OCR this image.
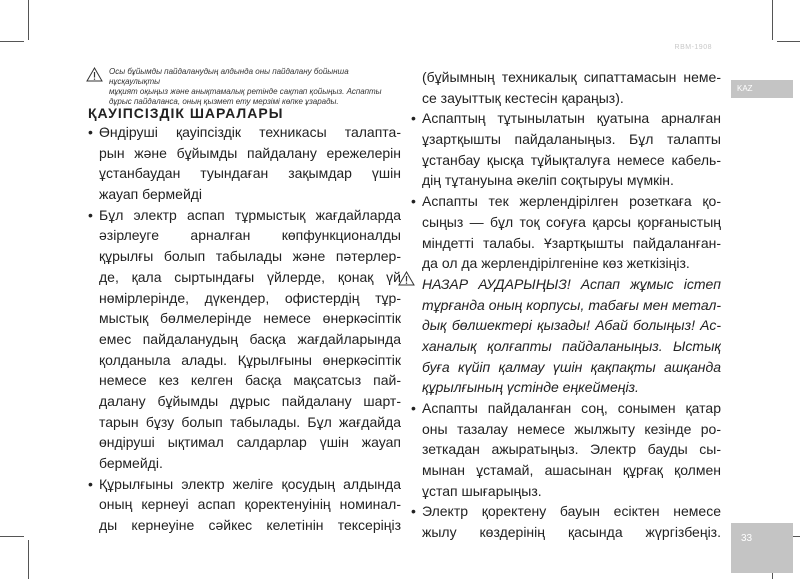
RBM-1908
KAZ
33
Осы бұйымды пайдаланудың алдында оны пайдалану бойынша нұсқаулықты
мұқият оқыңыз және анықтамалық ретінде сақтап қойыңыз. Аспапты
дұрыс пайдаланса, оның қызмет ету мерзімі көпке ұзарады.
ҚАУІПСІЗДІК ШАРАЛАРЫ
• Өндіруші қауіпсіздік техникасы талапта-
рын және бұйымды пайдалану ережелерін
ұстанбаудан туындаған зақымдар үшін
жауап бермейді
• Бұл электр аспап тұрмыстық жағдайларда
әзірлеуге арналған көпфункционалды
құрылғы болып табылады және пәтерлер-
де, қала сыртындағы үйлерде, қонақ үй
нөмірлерінде, дүкендер, офистердің тұр-
мыстық бөлмелерінде немесе өнеркәсіптік
емес пайдаланудың басқа жағдайларында
қолданыла алады. Құрылғыны өнеркәсіптік
немесе кез келген басқа мақсатсыз пай-
далану бұйымды дұрыс пайдалану шарт-
тарын бұзу болып табылады. Бұл жағдайда
өндіруші ықтимал салдарлар үшін жауап
бермейді.
• Құрылғыны электр желіге қосудың алдында
оның кернеуі аспап қоректенуінің номинал-
ды кернеуіне сәйкес келетінін тексеріңіз
(бұйымның техникалық сипаттамасын неме-
се зауыттық кестесін қараңыз).
• Аспаптың тұтынылатын қуатына арналған
ұзартқышты пайдаланыңыз. Бұл талапты
ұстанбау қысқа тұйықталуға немесе кабель-
дің тұтануына әкеліп соқтыруы мүмкін.
• Аспапты тек жерлендірілген розеткаға қо-
сыңыз — бұл тоқ соғуға қарсы қорғаныстың
міндетті талабы. Ұзартқышты пайдаланған-
да ол да жерлендірілгеніне көз жеткізіңіз.
НАЗАР АУДАРЫҢЫЗ! Аспап жұмыс істеп
тұрғанда оның корпусы, табағы мен метал-
дық бөлшектері қызады! Абай болыңыз! Ас-
ханалық қолғапты пайдаланыңыз. Ыстық
буға күйіп қалмау үшін қақпақты ашқанда
құрылғының үстінде еңкеймеңіз.
• Аспапты пайдаланған соң, сонымен қатар
оны тазалау немесе жылжыту кезінде ро-
зеткадан ажыратыңыз. Электр бауды сы-
мынан ұстамай, ашасынан құрғақ қолмен
ұстап шығарыңыз.
• Электр қоректену бауын есіктен немесе
жылу көздерінің қасында жүргізбеңіз.
